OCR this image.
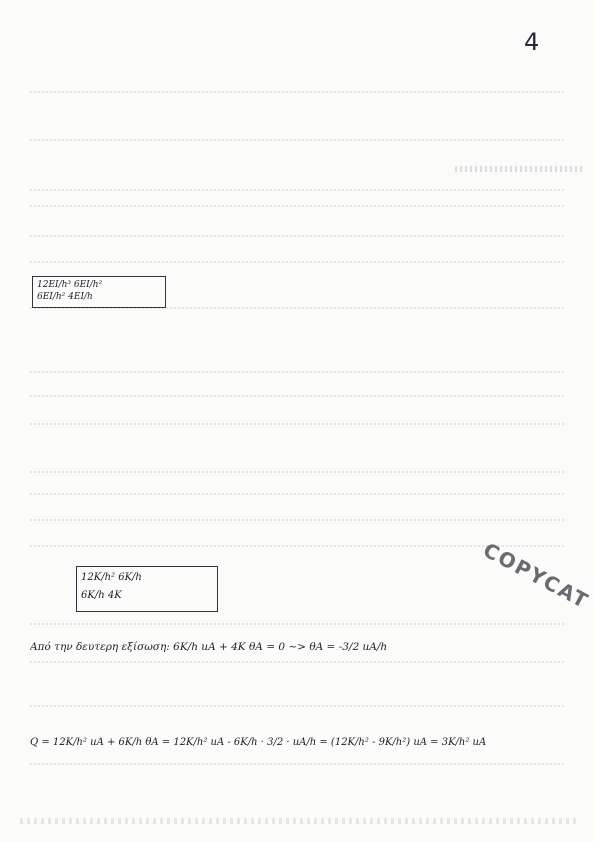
4
12EI/h³ 6EI/h²
6EI/h² 4EI/h
12K/h² 6K/h
6K/h 4K
Από την δευτερη εξίσωση: 6K/h uA + 4K θA = 0 ~> θA = -3/2 uA/h
Q = 12K/h² uA + 6K/h θA = 12K/h² uA - 6K/h · 3/2 · uA/h = (12K/h² - 9K/h²) uA = 3K/h² uA
COPYCAT
